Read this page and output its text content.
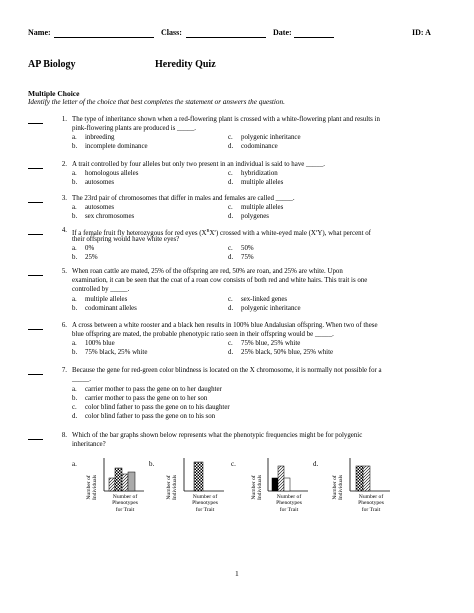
Name:	Class:	Date:	ID: A
AP Biology	Heredity Quiz
Multiple Choice
Identify the letter of the choice that best completes the statement or answers the question.
1. The type of inheritance shown when a red-flowering plant is crossed with a white-flowering plant and results in
pink-flowering plants are produced is _____.
a. inbreeding	c. polygenic inheritance
b. incomplete dominance	d. codominance
2. A trait controlled by four alleles but only two present in an individual is said to have _____.
a. homologous alleles	c. hybridization
b. autosomes	d. multiple alleles
3. The 23rd pair of chromosomes that differ in males and females are called _____.
a. autosomes	c. multiple alleles
b. sex chromosomes	d. polygenes
4. If a female fruit fly heterozygous for red eyes $(X^RX^r)$ crossed with a white-eyed male $(X^rY)$, what percent of
their offspring would have white eyes?
a. 0%	c. 50%
b. 25%	d. 75%
5. When roan cattle are mated, 25% of the offspring are red, 50% are roan, and 25% are white. Upon
examination, it can be seen that the coat of a roan cow consists of both red and white hairs. This trait is one
controlled by _____.
a. multiple alleles	c. sex-linked genes
b. codominant alleles	d. polygenic inheritance
6. A cross between a white rooster and a black hen results in 100% blue Andalusian offspring. When two of these
blue offspring are mated, the probable phenotypic ratio seen in their offspring would be _____.
a. 100% blue	c. 75% blue, 25% white
b. 75% black, 25% white	d. 25% black, 50% blue, 25% white
7. Because the gene for red-green color blindness is located on the X chromosome, it is normally not possible for a
_____.
a. carrier mother to pass the gene on to her daughter
b. carrier mother to pass the gene on to her son
c. color blind father to pass the gene on to his daughter
d. color blind father to pass the gene on to his son
8. Which of the bar graphs shown below represents what the phenotypic frequencies might be for polygenic
inheritance?
a.
Number of
Individuals	Number of
Phenotypes
for Trait
b.
Number of
Individuals	Number of
Phenotypes
for Trait
c.
Number of
Individuals	Number of
Phenotypes
for Trait
d.
Number of
Individuals	Number of
Phenotypes
for Trait
1
